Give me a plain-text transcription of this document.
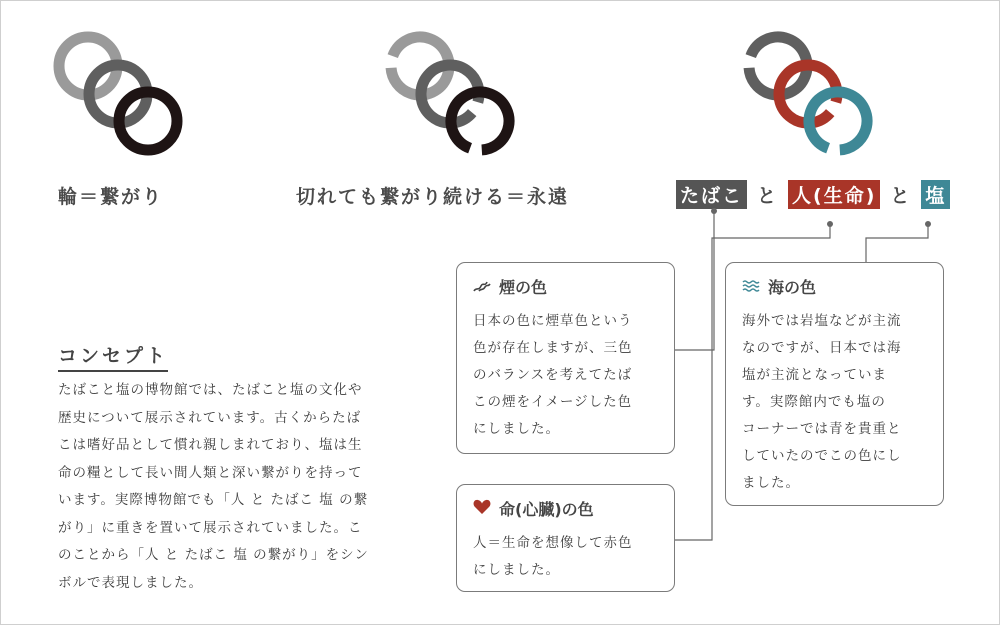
輪＝繋がり	切れても繋がり続ける＝永遠	たばこ と 人(生命) と 塩
煙の色
日本の色に煙草色という
色が存在しますが、三色
のバランスを考えてたば
この煙をイメージした色
にしました。
海の色
海外では岩塩などが主流
なのですが、日本では海
塩が主流となっていま
す。実際館内でも塩の
コーナーでは青を貴重と
していたのでこの色にし
ました。
命(心臓)の色
人＝生命を想像して赤色
にしました。
コンセプト
たばこと塩の博物館では、たばこと塩の文化や
歴史について展示されています。古くからたば
こは嗜好品として慣れ親しまれており、塩は生
命の糧として長い間人類と深い繋がりを持って
います。実際博物館でも「人 と たばこ 塩 の繋
がり」に重きを置いて展示されていました。こ
のことから「人 と たばこ 塩 の繋がり」をシン
ボルで表現しました。
